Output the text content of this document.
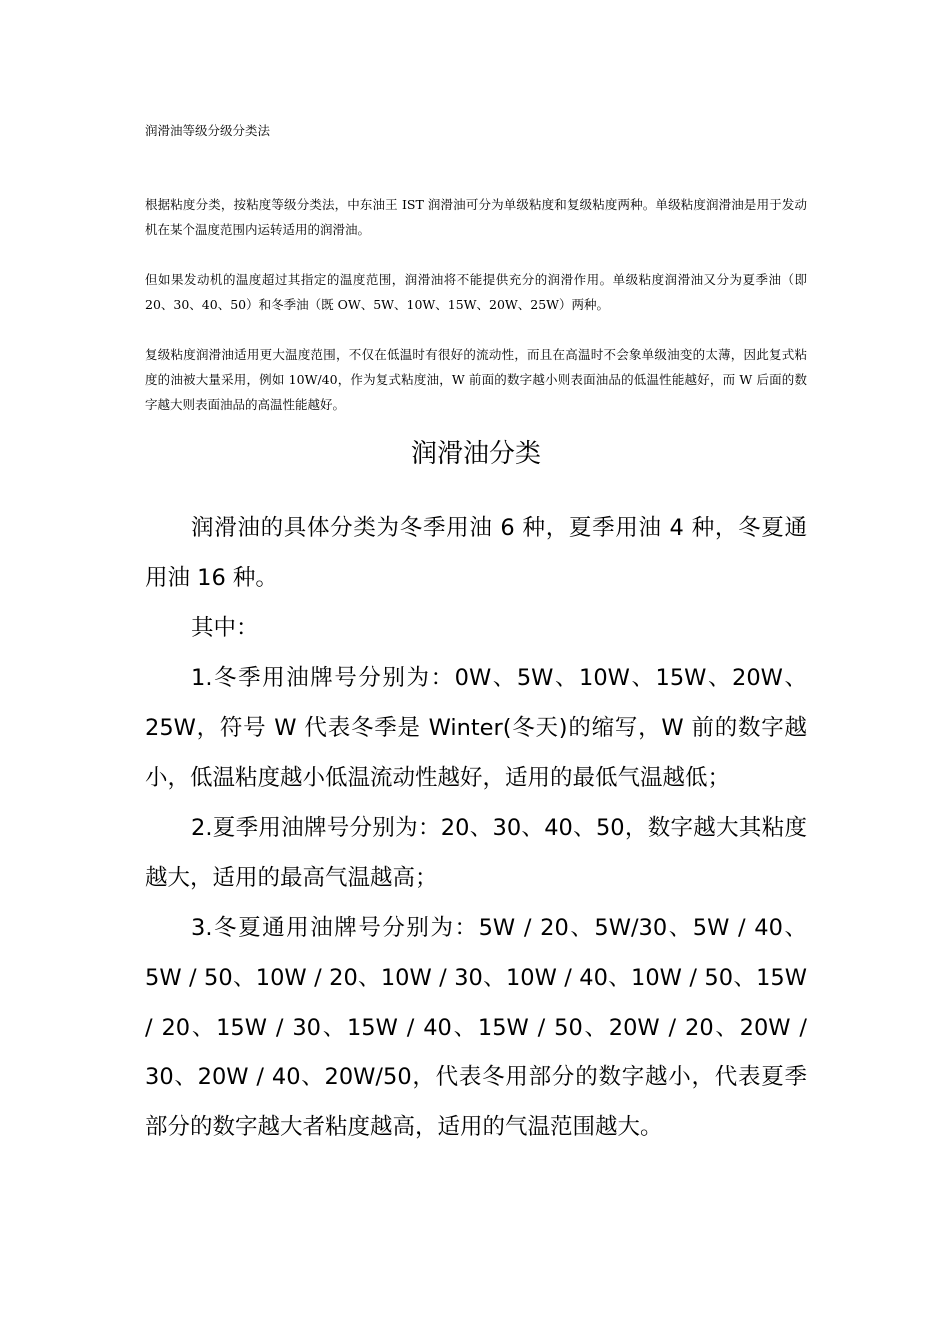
润滑油等级分级分类法

根据粘度分类，按粘度等级分类法，中东油王 IST 润滑油可分为单级粘度和复级粘度两种。单级粘度润滑油是用于发动机在某个温度范围内运转适用的润滑油。

但如果发动机的温度超过其指定的温度范围，润滑油将不能提供充分的润滑作用。单级粘度润滑油又分为夏季油（即 20、30、40、50）和冬季油（既 OW、5W、10W、15W、20W、25W）两种。

复级粘度润滑油适用更大温度范围，不仅在低温时有很好的流动性，而且在高温时不会象单级油变的太薄，因此复式粘度的油被大量采用，例如 10W/40，作为复式粘度油，W 前面的数字越小则表面油品的低温性能越好，而 W 后面的数字越大则表面油品的高温性能越好。

润滑油分类

润滑油的具体分类为冬季用油 6 种，夏季用油 4 种，冬夏通用油 16 种。

其中：

1.冬季用油牌号分别为：0W、5W、10W、15W、20W、25W，符号 W 代表冬季是 Winter(冬天)的缩写，W 前的数字越小，低温粘度越小低温流动性越好，适用的最低气温越低；

2.夏季用油牌号分别为：20、30、40、50，数字越大其粘度越大，适用的最高气温越高；

3.冬夏通用油牌号分别为：5W / 20、5W/30、5W / 40、5W / 50、10W / 20、10W / 30、10W / 40、10W / 50、15W / 20、15W / 30、15W / 40、15W / 50、20W / 20、20W / 30、20W / 40、20W/50，代表冬用部分的数字越小，代表夏季部分的数字越大者粘度越高，适用的气温范围越大。
